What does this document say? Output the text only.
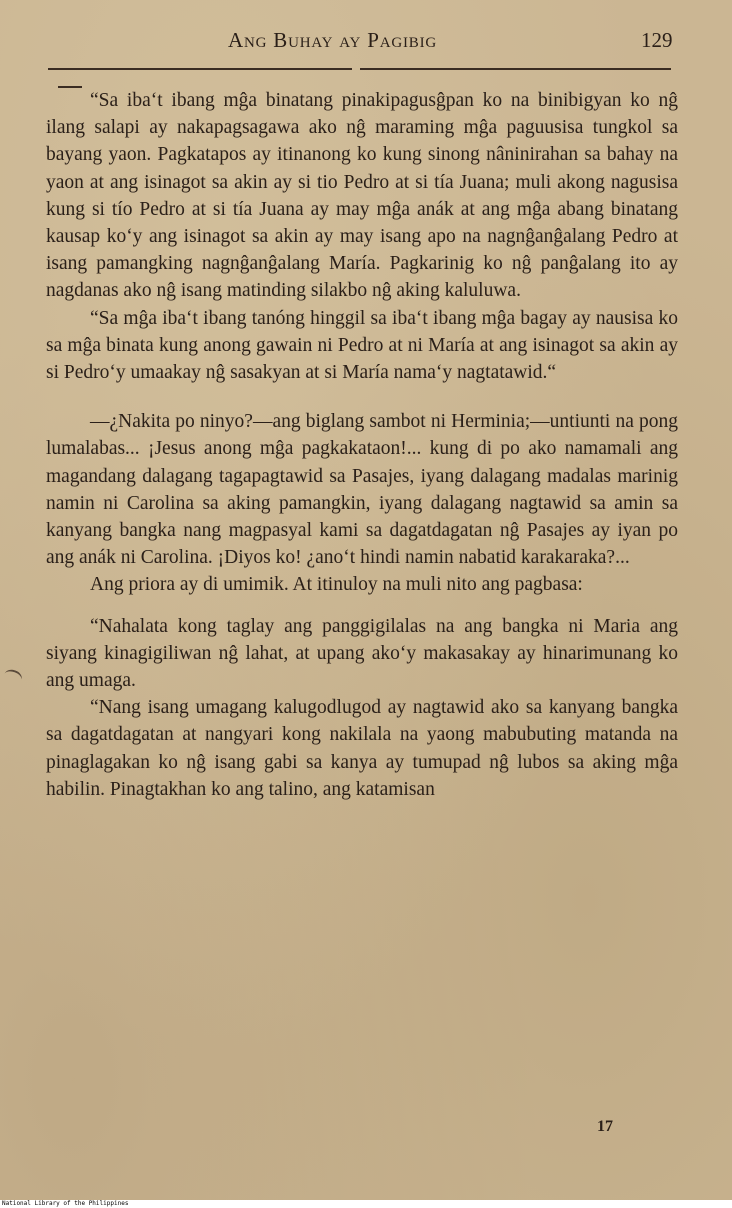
Ang Buhay ay Pagibig	129

“Sa iba‘t ibang mĝa binatang pinakipagusĝpan ko na binibigyan ko nĝ ilang salapi ay nakapagsagawa ako nĝ maraming mĝa paguusisa tungkol sa bayang yaon. Pagkatapos ay itinanong ko kung sinong nâninirahan sa bahay na yaon at ang isinagot sa akin ay si tio Pedro at si tía Juana; muli akong nagusisa kung si tío Pedro at si tía Juana ay may mĝa anák at ang mĝa abang binatang kausap ko‘y ang isinagot sa akin ay may isang apo na nagnĝanĝalang Pedro at isang pamangking nagnĝanĝalang María. Pagkarinig ko nĝ panĝalang ito ay nagdanas ako nĝ isang matinding silakbo nĝ aking kaluluwa.

“Sa mĝa iba‘t ibang tanóng hinggil sa iba‘t ibang mĝa bagay ay nausisa ko sa mĝa binata kung anong gawain ni Pedro at ni María at ang isinagot sa akin ay si Pedro‘y umaakay nĝ sasakyan at si María nama‘y nagtatawid.“

—¿Nakita po ninyo?—ang biglang sambot ni Herminia;—untiunti na pong lumalabas... ¡Jesus anong mĝa pagkakataon!... kung di po ako namamali ang magandang dalagang tagapagtawid sa Pasajes, iyang dalagang madalas marinig namin ni Carolina sa aking pamangkin, iyang dalagang nagtawid sa amin sa kanyang bangka nang magpasyal kami sa dagatdagatan nĝ Pasajes ay iyan po ang anák ni Carolina. ¡Diyos ko! ¿ano‘t hindi namin nabatid karakaraka?...

Ang priora ay di umimik. At itinuloy na muli nito ang pagbasa:

“Nahalata kong taglay ang panggigilalas na ang bangka ni Maria ang siyang kinagigiliwan nĝ lahat, at upang ako‘y makasakay ay hinarimunang ko ang umaga.

“Nang isang umagang kalugodlugod ay nagtawid ako sa kanyang bangka sa dagatdagatan at nangyari kong nakilala na yaong mabubuting matanda na pinaglagakan ko nĝ isang gabi sa kanya ay tumupad nĝ lubos sa aking mĝa habilin. Pinagtakhan ko ang talino, ang katamisan

17
National Library of the Philippines
